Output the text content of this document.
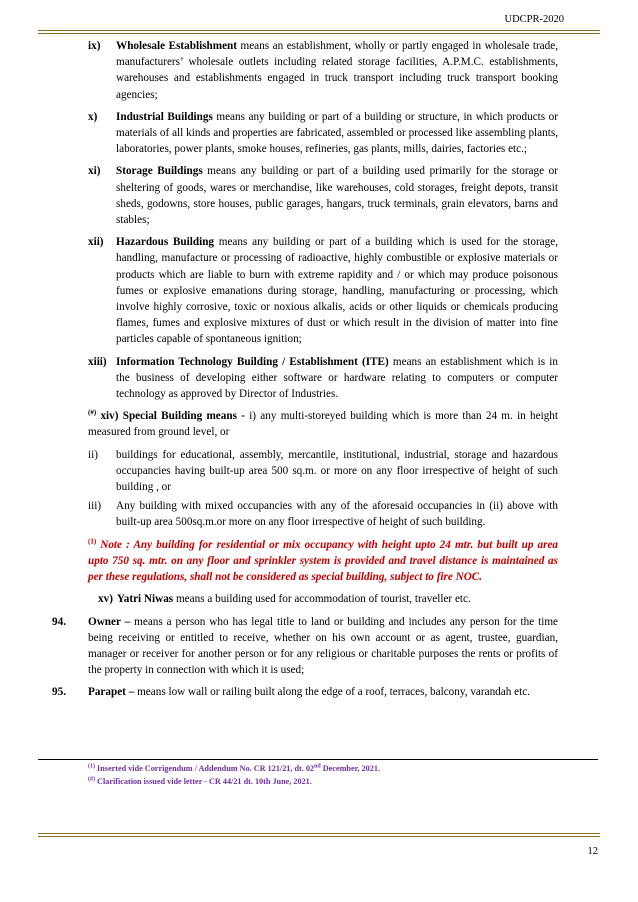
UDCPR-2020
ix) Wholesale Establishment means an establishment, wholly or partly engaged in wholesale trade, manufacturers’ wholesale outlets including related storage facilities, A.P.M.C. establishments, warehouses and establishments engaged in truck transport including truck transport booking agencies;
x) Industrial Buildings means any building or part of a building or structure, in which products or materials of all kinds and properties are fabricated, assembled or processed like assembling plants, laboratories, power plants, smoke houses, refineries, gas plants, mills, dairies, factories etc.;
xi) Storage Buildings means any building or part of a building used primarily for the storage or sheltering of goods, wares or merchandise, like warehouses, cold storages, freight depots, transit sheds, godowns, store houses, public garages, hangars, truck terminals, grain elevators, barns and stables;
xii) Hazardous Building means any building or part of a building which is used for the storage, handling, manufacture or processing of radioactive, highly combustible or explosive materials or products which are liable to burn with extreme rapidity and / or which may produce poisonous fumes or explosive emanations during storage, handling, manufacturing or processing, which involve highly corrosive, toxic or noxious alkalis, acids or other liquids or chemicals producing flames, fumes and explosive mixtures of dust or which result in the division of matter into fine particles capable of spontaneous ignition;
xiii) Information Technology Building / Establishment (ITE) means an establishment which is in the business of developing either software or hardware relating to computers or computer technology as approved by Director of Industries.
(#) xiv) Special Building means - i) any multi-storeyed building which is more than 24 m. in height measured from ground level, or
ii) buildings for educational, assembly, mercantile, institutional, industrial, storage and hazardous occupancies having built-up area 500 sq.m. or more on any floor irrespective of height of such building , or
iii) Any building with mixed occupancies with any of the aforesaid occupancies in (ii) above with built-up area 500sq.m.or more on any floor irrespective of height of such building.
$^{(1)}$ Note : Any building for residential or mix occupancy with height upto 24 mtr. but built up area upto 750 sq. mtr. on any floor and sprinkler system is provided and travel distance is maintained as per these regulations, shall not be considered as special building, subject to fire NOC.
xv) Yatri Niwas means a building used for accommodation of tourist, traveller etc.
94. Owner – means a person who has legal title to land or building and includes any person for the time being receiving or entitled to receive, whether on his own account or as agent, trustee, guardian, manager or receiver for another person or for any religious or charitable purposes the rents or profits of the property in connection with which it is used;
95. Parapet – means low wall or railing built along the edge of a roof, terraces, balcony, varandah etc.
$^{(1)}$ Inserted vide Corrigendum / Addendum No. CR 121/21, dt. 02nd December, 2021.
(#) Clarification issued vide letter - CR 44/21 dt. 10th June, 2021.
12
